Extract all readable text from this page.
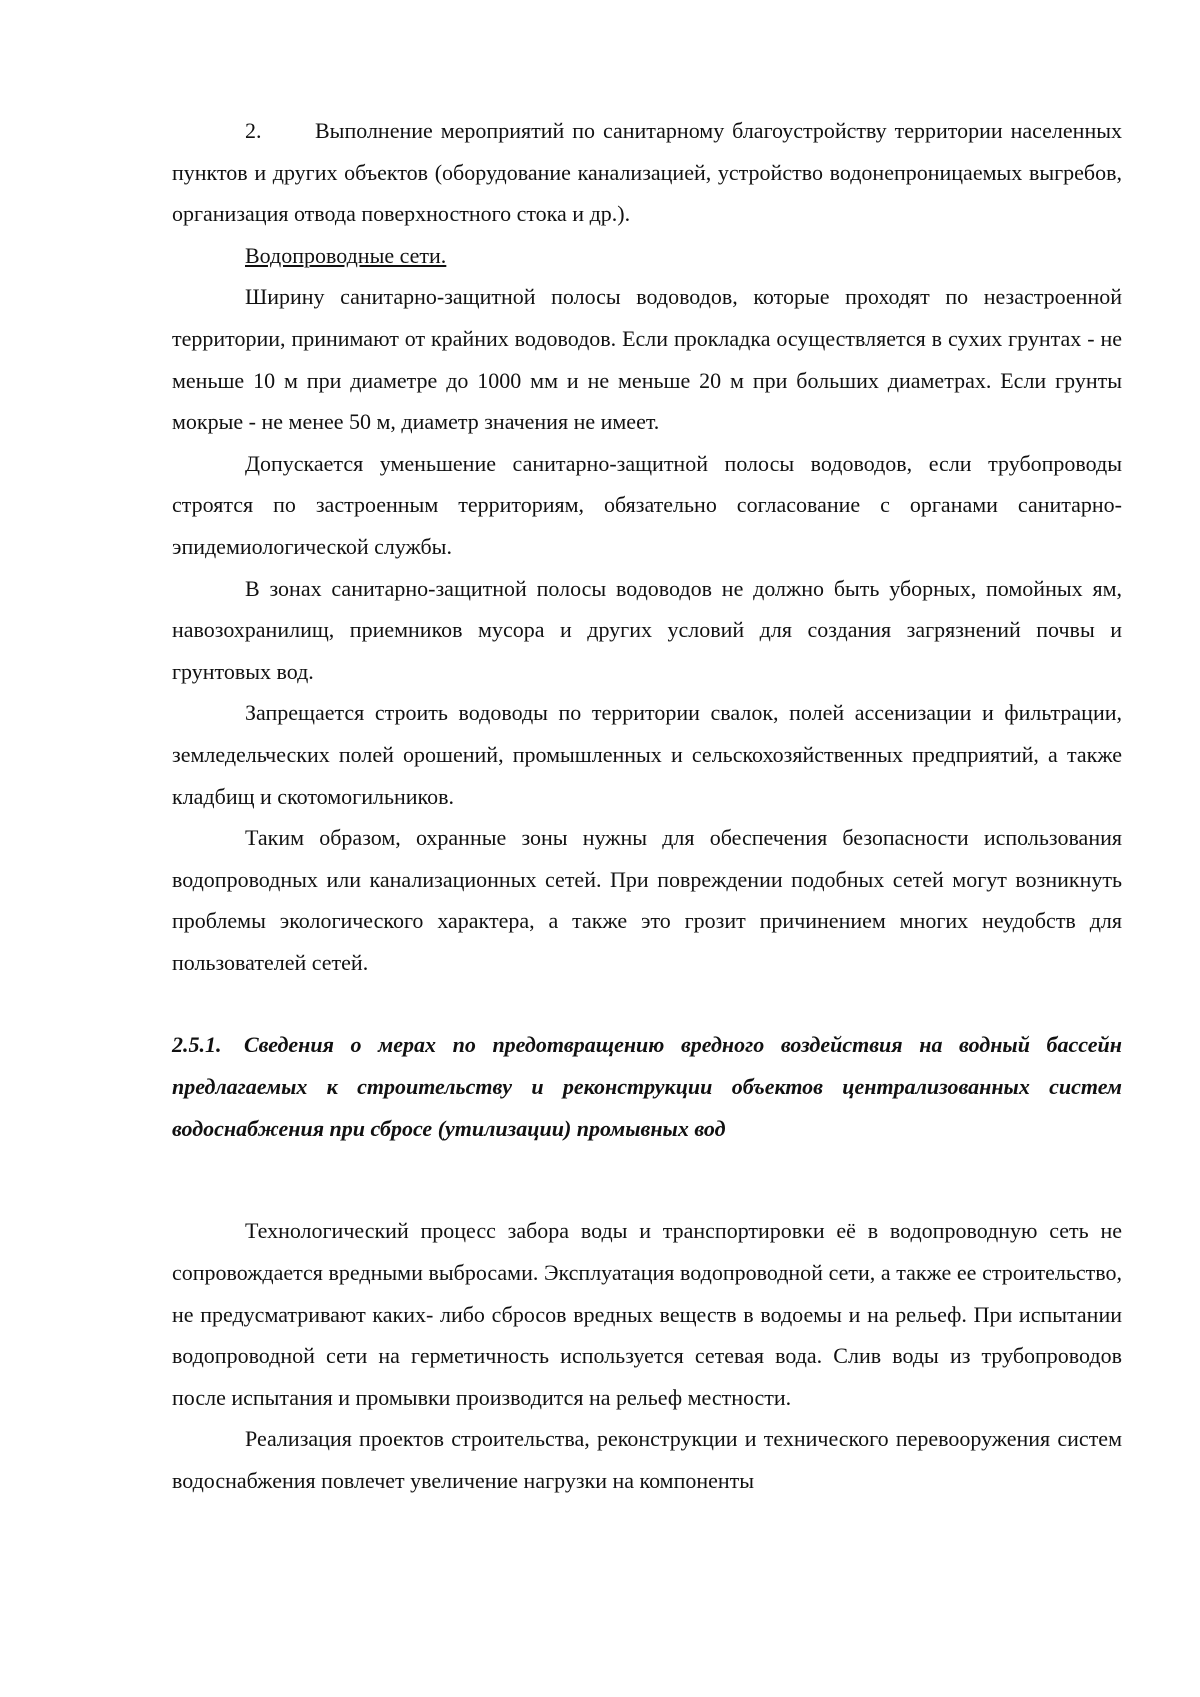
2. Выполнение мероприятий по санитарному благоустройству территории населенных пунктов и других объектов (оборудование канализацией, устройство водонепроницаемых выгребов, организация отвода поверхностного стока и др.).

Водопроводные сети.

Ширину санитарно-защитной полосы водоводов, которые проходят по незастроенной территории, принимают от крайних водоводов. Если прокладка осуществляется в сухих грунтах - не меньше 10 м при диаметре до 1000 мм и не меньше 20 м при больших диаметрах. Если грунты мокрые - не менее 50 м, диаметр значения не имеет.

Допускается уменьшение санитарно-защитной полосы водоводов, если трубопроводы строятся по застроенным территориям, обязательно согласование с органами санитарно-эпидемиологической службы.

В зонах санитарно-защитной полосы водоводов не должно быть уборных, помойных ям, навозохранилищ, приемников мусора и других условий для создания загрязнений почвы и грунтовых вод.

Запрещается строить водоводы по территории свалок, полей ассенизации и фильтрации, земледельческих полей орошений, промышленных и сельскохозяйственных предприятий, а также кладбищ и скотомогильников.

Таким образом, охранные зоны нужны для обеспечения безопасности использования водопроводных или канализационных сетей. При повреждении подобных сетей могут возникнуть проблемы экологического характера, а также это грозит причинением многих неудобств для пользователей сетей.

2.5.1. Сведения о мерах по предотвращению вредного воздействия на водный бассейн предлагаемых к строительству и реконструкции объектов централизованных систем водоснабжения при сбросе (утилизации) промывных вод

Технологический процесс забора воды и транспортировки её в водопроводную сеть не сопровождается вредными выбросами. Эксплуатация водопроводной сети, а также ее строительство, не предусматривают каких- либо сбросов вредных веществ в водоемы и на рельеф. При испытании водопроводной сети на герметичность используется сетевая вода. Слив воды из трубопроводов после испытания и промывки производится на рельеф местности.

Реализация проектов строительства, реконструкции и технического перевооружения систем водоснабжения повлечет увеличение нагрузки на компоненты
